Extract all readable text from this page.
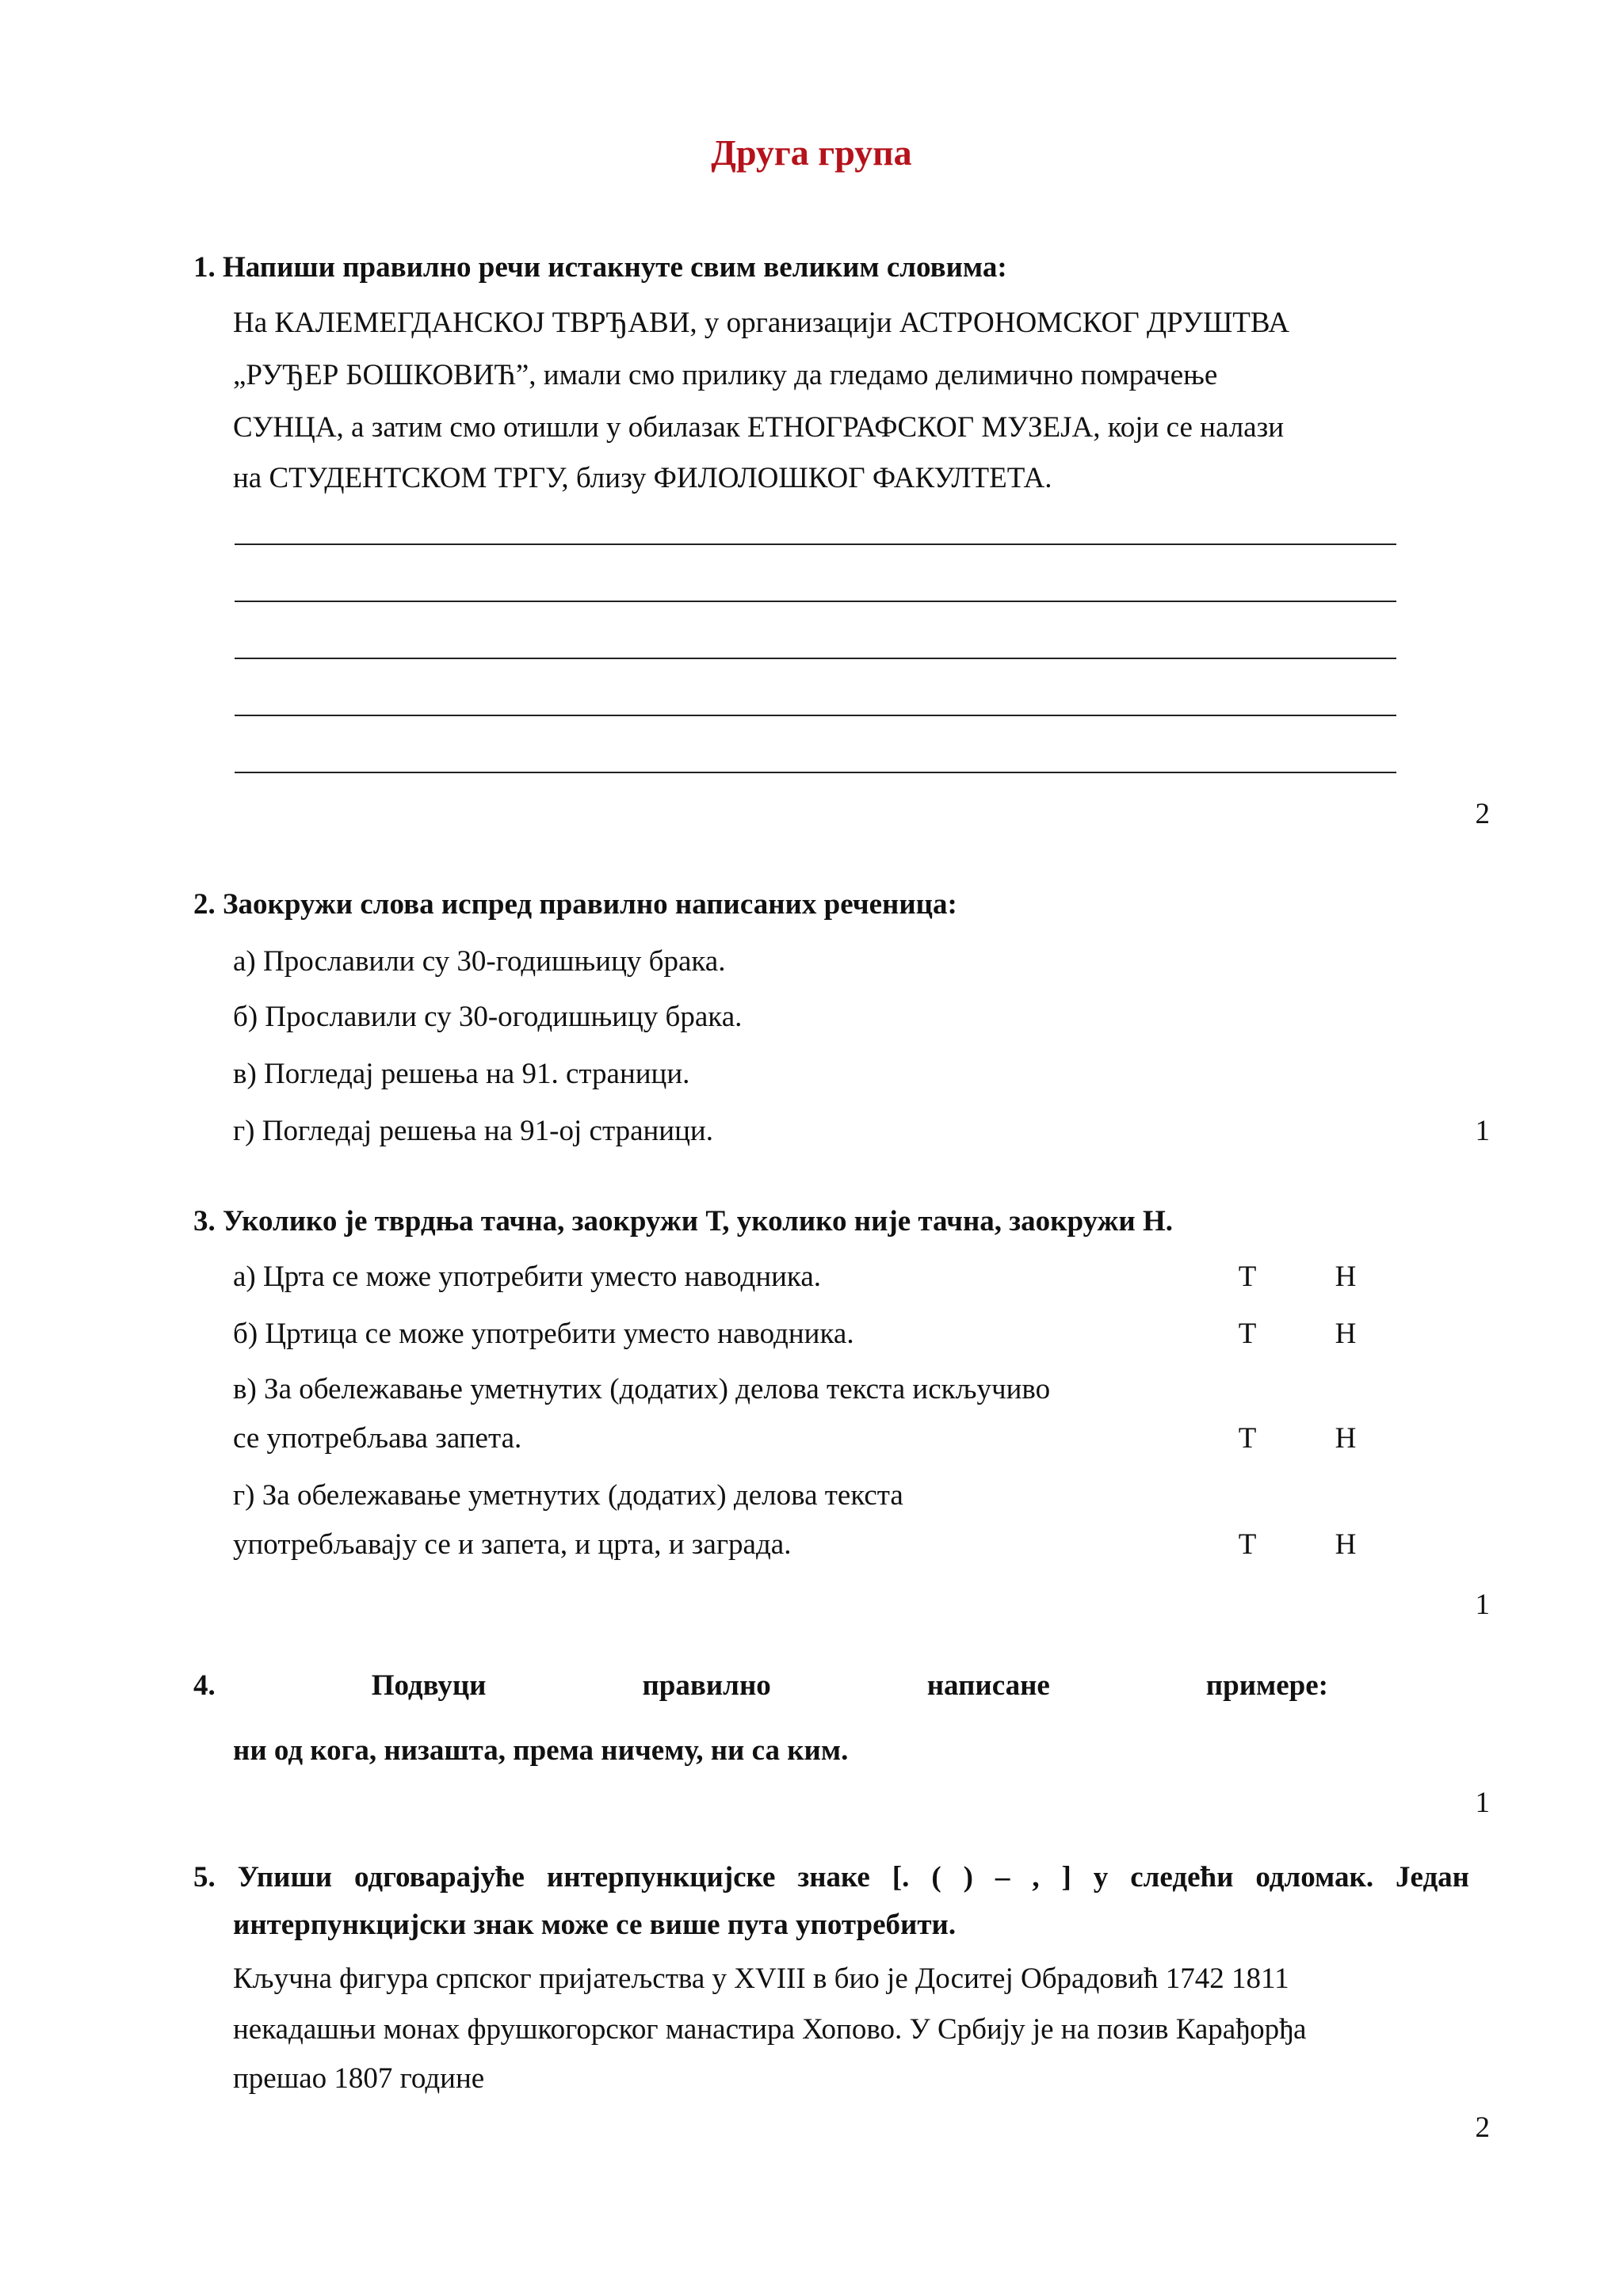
Друга група
1. Напиши правилно речи истакнуте свим великим словима:
На КАЛЕМЕГДАНСКОЈ ТВРЂАВИ, у организацији АСТРОНОМСКОГ ДРУШТВА
„РУЂЕР БОШКОВИЋ”, имали смо прилику да гледамо делимично помрачење
СУНЦА, а затим смо отишли у обилазак ЕТНОГРАФСКОГ МУЗЕЈА, који се налази
на СТУДЕНТСКОМ ТРГУ, близу ФИЛОЛОШКОГ ФАКУЛТЕТА.
2
2. Заокружи слова испред правилно написаних реченица:
а) Прославили су 30-годишњицу брака.
б) Прославили су 30-огодишњицу брака.
в) Погледај решења на 91. страници.
г) Погледај решења на 91-ој страници.	1
3. Уколико је тврдња тачна, заокружи Т, уколико није тачна, заокружи Н.
а) Црта се може употребити уместо наводника.	Т	Н
б) Цртица се може употребити уместо наводника.	Т	Н
в) За обележавање уметнутих (додатих) делова текста искључиво
се употребљава запета.	Т	Н
г) За обележавање уметнутих (додатих) делова текста
употребљавају се и запета, и црта, и заграда.	Т	Н
1
4.	Подвуци	правилно	написане	примере:
ни од кога, низашта, према ничему, ни са ким.
1
5. Упиши одговарајуће интерпункцијске знаке [. ( ) – , ] у следећи одломак. Један
интерпункцијски знак може се више пута употребити.
Кључна фигура српског пријатељства у XVIII в био је Доситеј Обрадовић 1742 1811
некадашњи монах фрушкогорског манастира Хопово. У Србију је на позив Карађорђа
прешао 1807 године
2
